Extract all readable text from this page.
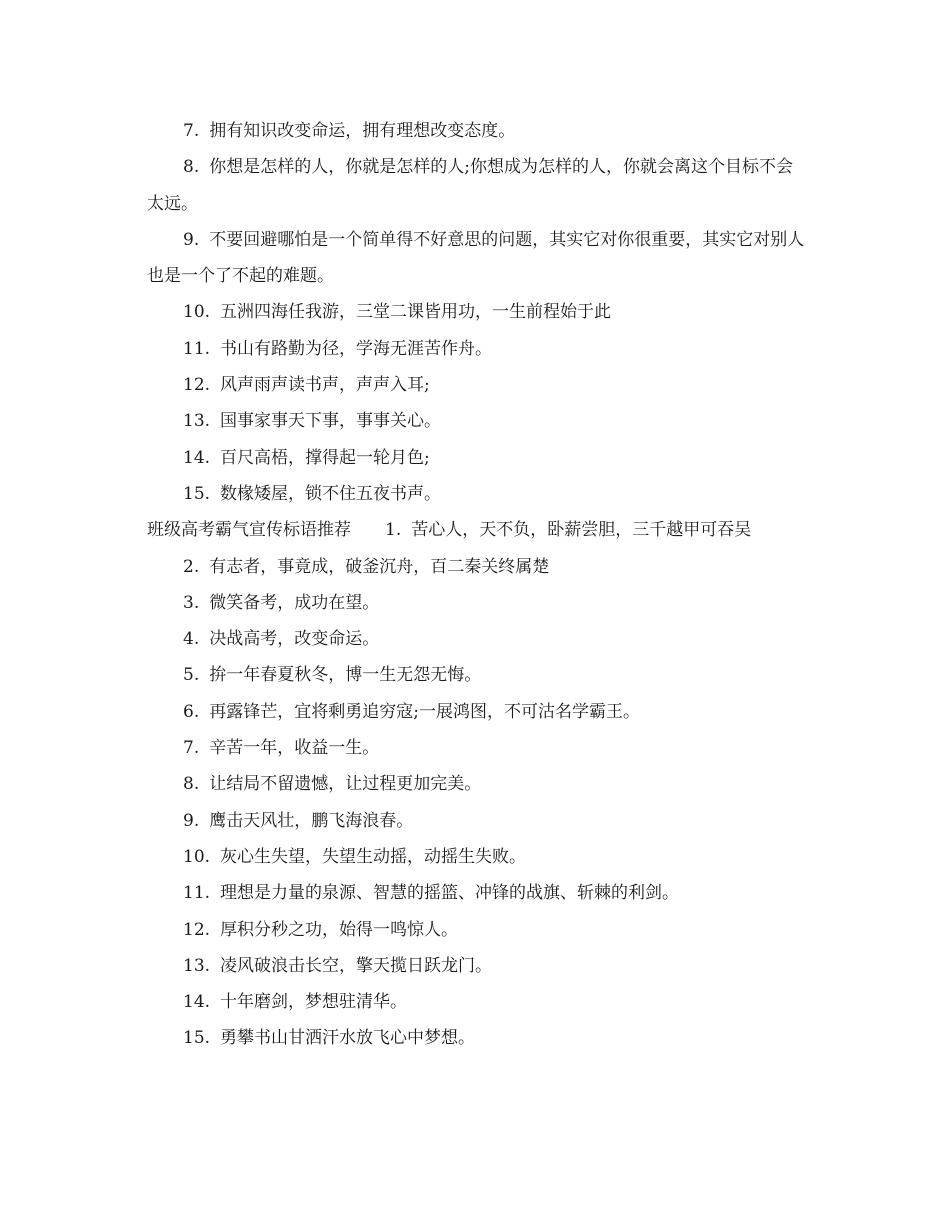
7. 拥有知识改变命运，拥有理想改变态度。

8. 你想是怎样的人，你就是怎样的人;你想成为怎样的人，你就会离这个目标不会太远。

9. 不要回避哪怕是一个简单得不好意思的问题，其实它对你很重要，其实它对别人也是一个了不起的难题。

10. 五洲四海任我游，三堂二课皆用功，一生前程始于此

11. 书山有路勤为径，学海无涯苦作舟。

12. 风声雨声读书声，声声入耳;

13. 国事家事天下事，事事关心。

14. 百尺高梧，撑得起一轮月色;

15. 数椽矮屋，锁不住五夜书声。

班级高考霸气宣传标语推荐 1. 苦心人，天不负，卧薪尝胆，三千越甲可吞吴

2. 有志者，事竟成，破釜沉舟，百二秦关终属楚

3. 微笑备考，成功在望。

4. 决战高考，改变命运。

5. 拚一年春夏秋冬，博一生无怨无悔。

6. 再露锋芒，宜将剩勇追穷寇;一展鸿图，不可沽名学霸王。

7. 辛苦一年，收益一生。

8. 让结局不留遗憾，让过程更加完美。

9. 鹰击天风壮，鹏飞海浪春。

10. 灰心生失望，失望生动摇，动摇生失败。

11. 理想是力量的泉源、智慧的摇篮、冲锋的战旗、斩棘的利剑。

12. 厚积分秒之功，始得一鸣惊人。

13. 凌风破浪击长空，擎天揽日跃龙门。

14. 十年磨剑，梦想驻清华。

15. 勇攀书山甘洒汗水放飞心中梦想。
